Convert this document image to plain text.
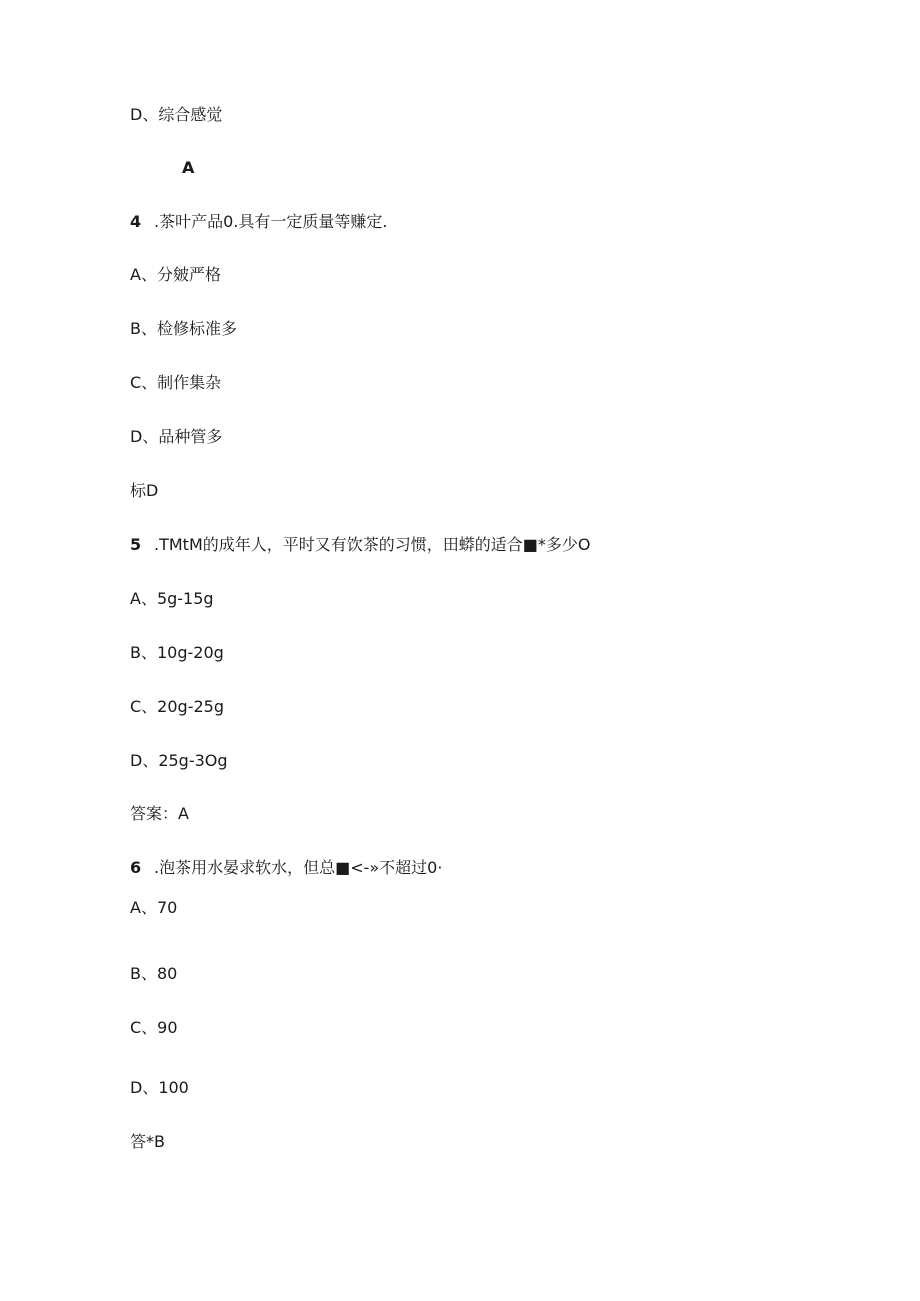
D、综合感觉
A
4 .茶叶产品0.具有一定质量等赚定.
A、分皴严格
B、检修标准多
C、制作集杂
D、品种管多
标D
5 .TMtM的成年人，平时又有饮茶的习惯，田蟒的适合■*多少O
A、5g-15g
B、10g-20g
C、20g-25g
D、25g-3Og
答案：A
6 .泡茶用水晏求软水，但总■<-»不超过0·
A、70
B、80
C、90
D、100
答*B
